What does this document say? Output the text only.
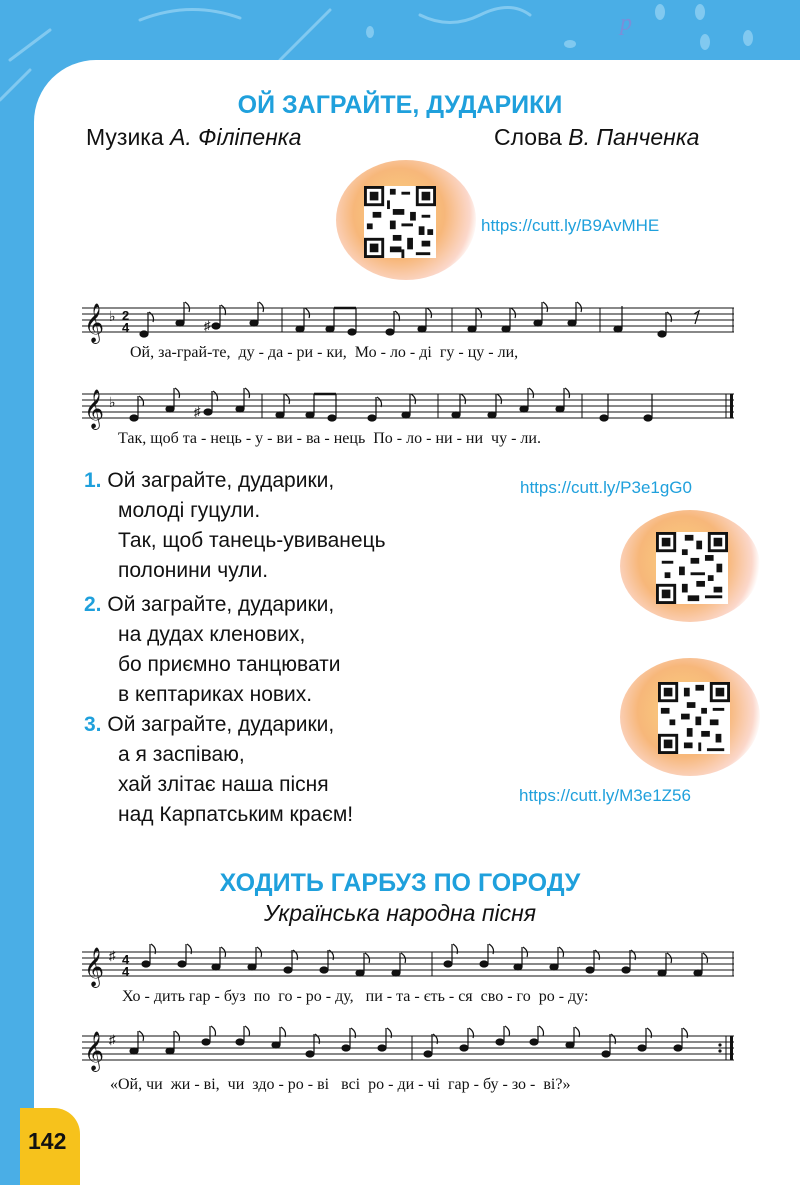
p
ОЙ ЗАГРАЙТЕ, ДУДАРИКИ
Музика А. Філіпенка	Слова В. Панченка
https://cutt.ly/B9AvMHE
𝄞 ♭ 2
4	♯
Ой, за-грай-те,  ду - да - ри - ки,  Мо - ло - ді  гу - цу - ли,
𝄞 ♭
♯
Так, щоб та - нець - у - ви - ва - нець  По - ло - ни - ни  чу - ли.
1. Ой заграйте, дударики,
молоді гуцули.
Так, щоб танець-увиванець
полонини чули.
2. Ой заграйте, дударики,
на дудах кленових,
бо приємно танцювати
в кептариках нових.
3. Ой заграйте, дударики,
а я заспіваю,
хай злітає наша пісня
над Карпатським краєм!
https://cutt.ly/P3e1gG0
https://cutt.ly/M3e1Z56
ХОДИТЬ ГАРБУЗ ПО ГОРОДУ
Українська народна пісня
𝄞 ♯ 4
4
Хо - дить гар - буз  по  го - ро - ду,   пи - та - єть - ся  сво - го  ро - ду:
𝄞 ♯
«Ой, чи  жи - ві,  чи  здо - ро - ві   всі  ро - ди - чі  гар - бу - зо -  ві?»
142
